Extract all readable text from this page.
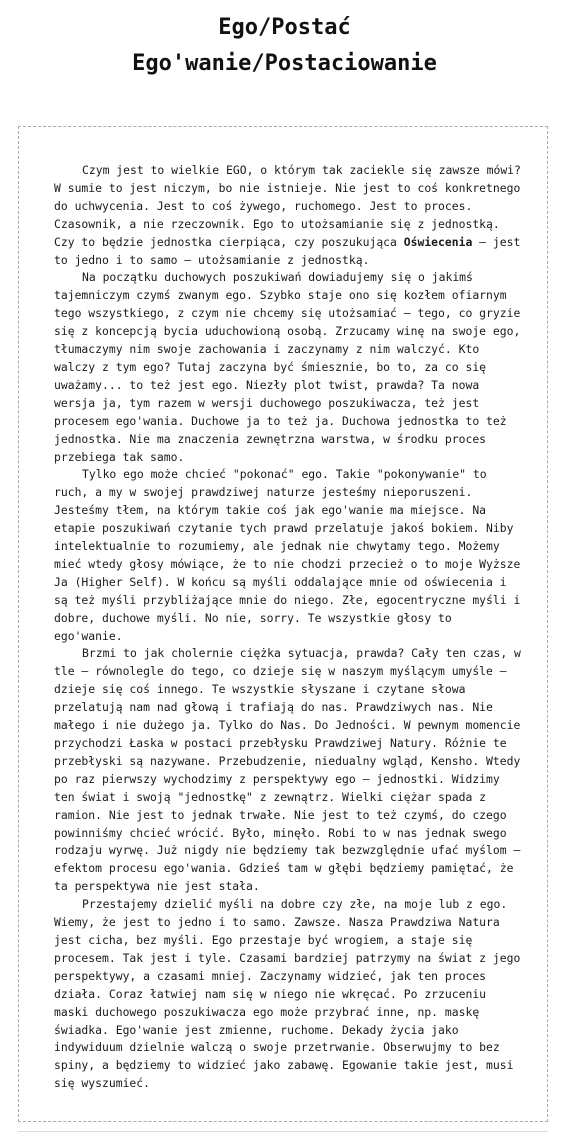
Ego/Postać
Ego'wanie/Postaciowanie

Czym jest to wielkie EGO, o którym tak zaciekle się zawsze mówi? W sumie to jest niczym, bo nie istnieje. Nie jest to coś konkretnego do uchwycenia. Jest to coś żywego, ruchomego. Jest to proces. Czasownik, a nie rzeczownik. Ego to utożsamianie się z jednostką. Czy to będzie jednostka cierpiąca, czy poszukująca Oświecenia — jest to jedno i to samo — utożsamianie z jednostką.

Na początku duchowych poszukiwań dowiadujemy się o jakimś tajemniczym czymś zwanym ego. Szybko staje ono się kozłem ofiarnym tego wszystkiego, z czym nie chcemy się utożsamiać — tego, co gryzie się z koncepcją bycia uduchowioną osobą. Zrzucamy winę na swoje ego, tłumaczymy nim swoje zachowania i zaczynamy z nim walczyć. Kto walczy z tym ego? Tutaj zaczyna być śmiesznie, bo to, za co się uważamy... to też jest ego. Niezły plot twist, prawda? Ta nowa wersja ja, tym razem w wersji duchowego poszukiwacza, też jest procesem ego'wania. Duchowe ja to też ja. Duchowa jednostka to też jednostka. Nie ma znaczenia zewnętrzna warstwa, w środku proces przebiega tak samo.

Tylko ego może chcieć "pokonać" ego. Takie "pokonywanie" to ruch, a my w swojej prawdziwej naturze jesteśmy nieporuszeni. Jesteśmy tłem, na którym takie coś jak ego'wanie ma miejsce. Na etapie poszukiwań czytanie tych prawd przelatuje jakoś bokiem. Niby intelektualnie to rozumiemy, ale jednak nie chwytamy tego. Możemy mieć wtedy głosy mówiące, że to nie chodzi przecież o to moje Wyższe Ja (Higher Self). W końcu są myśli oddalające mnie od oświecenia i są też myśli przybliżające mnie do niego. Złe, egocentryczne myśli i dobre, duchowe myśli. No nie, sorry. Te wszystkie głosy to ego'wanie.

Brzmi to jak cholernie ciężka sytuacja, prawda? Cały ten czas, w tle — równolegle do tego, co dzieje się w naszym myślącym umyśle — dzieje się coś innego. Te wszystkie słyszane i czytane słowa przelatują nam nad głową i trafiają do nas. Prawdziwych nas. Nie małego i nie dużego ja. Tylko do Nas. Do Jedności. W pewnym momencie przychodzi Łaska w postaci przebłysku Prawdziwej Natury. Różnie te przebłyski są nazywane. Przebudzenie, niedualny wgląd, Kensho. Wtedy po raz pierwszy wychodzimy z perspektywy ego — jednostki. Widzimy ten świat i swoją "jednostkę" z zewnątrz. Wielki ciężar spada z ramion. Nie jest to jednak trwałe. Nie jest to też czymś, do czego powinniśmy chcieć wrócić. Było, minęło. Robi to w nas jednak swego rodzaju wyrwę. Już nigdy nie będziemy tak bezwzględnie ufać myślom — efektom procesu ego'wania. Gdzieś tam w głębi będziemy pamiętać, że ta perspektywa nie jest stała.

Przestajemy dzielić myśli na dobre czy złe, na moje lub z ego. Wiemy, że jest to jedno i to samo. Zawsze. Nasza Prawdziwa Natura jest cicha, bez myśli. Ego przestaje być wrogiem, a staje się procesem. Tak jest i tyle. Czasami bardziej patrzymy na świat z jego perspektywy, a czasami mniej. Zaczynamy widzieć, jak ten proces działa. Coraz łatwiej nam się w niego nie wkręcać. Po zrzuceniu maski duchowego poszukiwacza ego może przybrać inne, np. maskę świadka. Ego'wanie jest zmienne, ruchome. Dekady życia jako indywiduum dzielnie walczą o swoje przetrwanie. Obserwujmy to bez spiny, a będziemy to widzieć jako zabawę. Egowanie takie jest, musi się wyszumieć.
